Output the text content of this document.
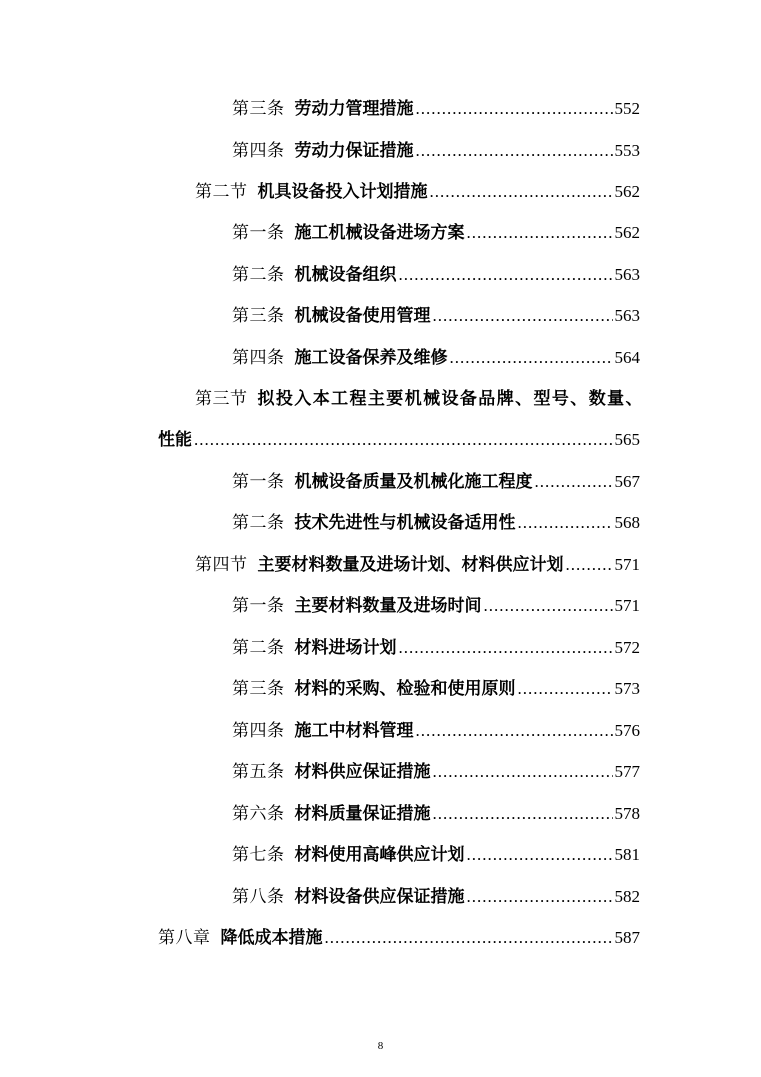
第三条 劳动力管理措施 .....	552
第四条 劳动力保证措施 .....	553
第二节 机具设备投入计划措施 .....	562
第一条 施工机械设备进场方案 .....	562
第二条 机械设备组织 .....	563
第三条 机械设备使用管理 .....	563
第四条 施工设备保养及维修 .....	564
第三节 拟投入本工程主要机械设备品牌、型号、数量、
性能 .....	565
第一条 机械设备质量及机械化施工程度 .....	567
第二条 技术先进性与机械设备适用性 .....	568
第四节 主要材料数量及进场计划、材料供应计划 .....	571
第一条 主要材料数量及进场时间 .....	571
第二条 材料进场计划 .....	572
第三条 材料的采购、检验和使用原则 .....	573
第四条 施工中材料管理 .....	576
第五条 材料供应保证措施 .....	577
第六条 材料质量保证措施 .....	578
第七条 材料使用高峰供应计划 .....	581
第八条 材料设备供应保证措施 .....	582
第八章 降低成本措施 .....	587
8
